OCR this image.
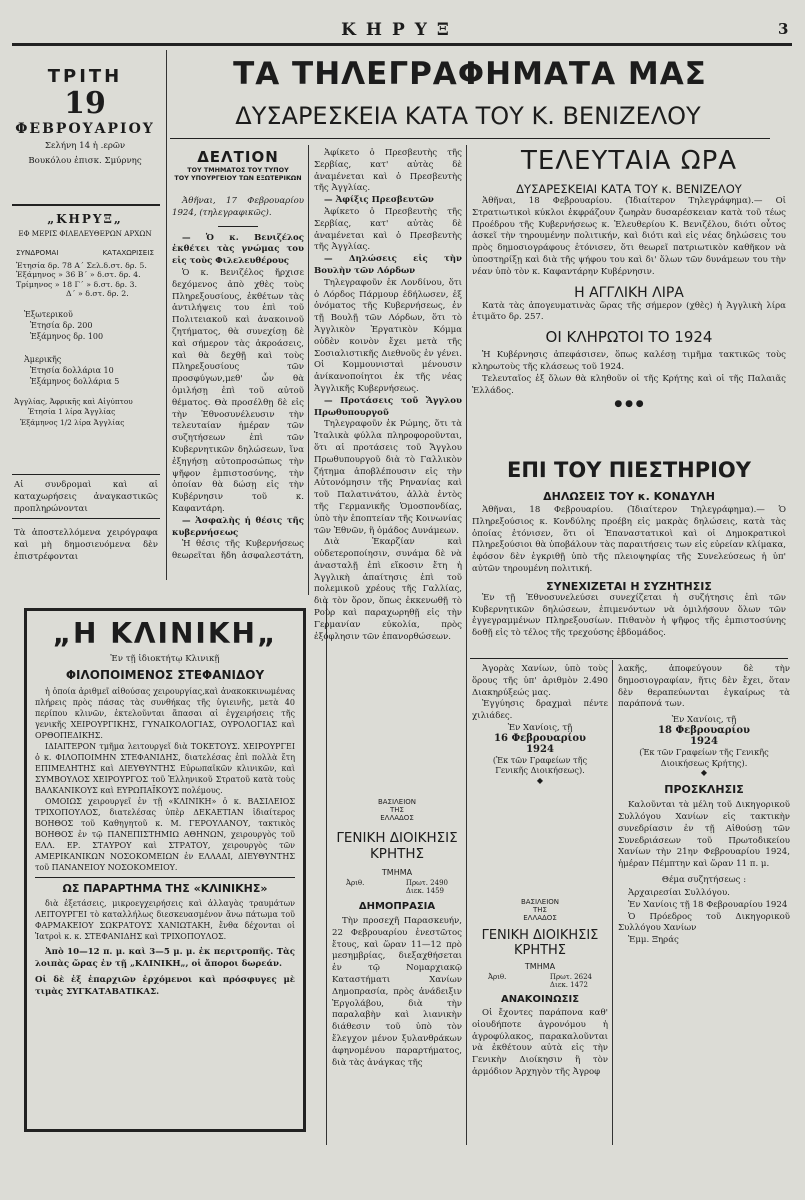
ΚΗΡΥΞ	3
ΤΡΙΤΗ
19
ΦΕΒΡΟΥΑΡΙΟΥ
Σελήνη 14 ἡ .ερῶν
Βουκόλου ἐπισκ. Σμύρνης
„ΚΗΡΥΞ„
ΕΦ ΜΕΡΙΣ ΦΙΛΕΛΕΥΘΕΡΩΝ ΑΡΧΩΝ
ΣΥΝΔΡΟΜΑΙ	ΚΑΤΑΧΩΡΙΣΕΙΣ
Ἐτησία δρ. 78 Α΄ Σελ.δ.στ. δρ. 5.
Ἑξάμηνος » 36 Β΄ » δ.στ. δρ. 4.
Τρίμηνος » 18 Γ΄ » δ.στ. δρ. 3.
Δ΄ » δ.στ. δρ. 2.
Ἐξωτερικοῦ
Ἐτησία δρ. 200
Ἑξάμηνος δρ. 100
Ἀμερικῆς
Ἐτησία δολλάρια 10
Ἑξάμηνος δολλάρια 5
Ἀγγλίας, Ἀφρικῆς καὶ Αἰγύπτου
Ἐτησία 1 λίρα Ἀγγλίας
Ἑξάμηνος 1/2 λίρα Ἀγγλίας

Αἱ συνδρομαὶ καὶ αἱ καταχωρήσεις ἀναγκαστικῶς προπληρώνονται

Τὰ ἀποστελλόμενα χειρόγραφα καὶ μὴ δημοσιευόμενα δὲν ἐπιστρέφονται

ΤΑ ΤΗΛΕΓΡΑΦΗΜΑΤΑ ΜΑΣ
ΔΥΣΑΡΕΣΚΕΙΑ ΚΑΤΑ ΤΟΥ Κ. ΒΕΝΙΖΕΛΟΥ
ΔΕΛΤΙΟΝ
ΤΟΥ ΤΜΗΜΑΤΟΣ ΤΟΥ ΤΥΠΟΥ
ΤΟΥ ΥΠΟΥΡΓΕΙΟΥ ΤΩΝ ΕΞΩΤΕΡΙΚΩΝ

Ἀθῆναι, 17 Φεβρουαρίου 1924, (τηλεγραφικῶς).

— Ὁ κ. Βενιζέλος ἐκθέτει τὰς γνώμας του εἰς τοὺς Φιλελευθέρους

Ὁ κ. Βενιζέλος ἤρχισε δεχόμενος ἀπὸ χθὲς τοὺς Πληρεξουσίους, ἐκθέτων τὰς ἀντιλήψεις του ἐπὶ τοῦ Πολιτειακοῦ καὶ ἀνακοινοῦ ζητήματος, θὰ συνεχίσῃ δὲ καὶ σήμερον τὰς ἀκροάσεις, καὶ θὰ δεχθῇ καὶ τοὺς Πληρεξουσίους τῶν προσφύγων,μεθ' ὧν θὰ ὁμιλήσῃ ἐπὶ τοῦ αὐτοῦ θέματος. Θὰ προσέλθῃ δὲ εἰς τὴν Ἐθνοσυνέλευσιν τὴν τελευταίαν ἡμέραν τῶν συζητήσεων ἐπὶ τῶν Κυβερνητικῶν δηλώσεων, ἵνα ἐξηγήσῃ αὐτοπροσώπως τὴν ψῆφον ἐμπιστοσύνης, τὴν ὁποίαν θὰ δώσῃ εἰς τὴν Κυβέρνησιν τοῦ κ. Καφαντάρη.

— Ἀσφαλὴς ἡ θέσις τῆς κυβερνήσεως

Ἡ θέσις τῆς Κυβερνήσεως θεωρεῖται ἤδη ἀσφαλεστάτη,

Ἀφίκετο ὁ Πρεσβευτὴς τῆς Σερβίας, κατ' αὐτὰς δὲ ἀναμένεται καὶ ὁ Πρεσβευτὴς τῆς Ἀγγλίας.

— Ἀφίξις Πρεσβευτῶν

Ἀφίκετο ὁ Πρεσβευτὴς τῆς Σερβίας, κατ' αὐτὰς δὲ ἀναμένεται καὶ ὁ Πρεσβευτὴς τῆς Ἀγγλίας.

— Δηλώσεις εἰς τὴν Βουλὴν τῶν Λόρδων

Τηλεγραφοῦν ἐκ Λονδίνου, ὅτι ὁ Λόρδος Πάρμουρ ἐδήλωσεν, ἐξ ὀνόματος τῆς Κυβερνήσεως, ἐν τῇ Βουλῇ τῶν Λόρδων, ὅτι τὸ Ἀγγλικὸν Ἐργατικὸν Κόμμα οὐδὲν κοινὸν ἔχει μετὰ τῆς Σοσιαλιστικῆς Διεθνοῦς ἐν γένει. Οἱ Κομμουνισταὶ μένουσιν ἀνίκανοποίητοι ἐκ τῆς νέας Ἀγγλικῆς Κυβερνήσεως.

— Προτάσεις τοῦ Ἄγγλου Πρωθυπουργοῦ

Τηλεγραφοῦν ἐκ Ρώμης, ὅτι τὰ Ἰταλικὰ φύλλα πληροφοροῦνται, ὅτι αἱ προτάσεις τοῦ Ἄγγλου Πρωθυπουργοῦ διὰ τὸ Γαλλικὸν ζήτημα ἀποβλέπουσιν εἰς τὴν Αὐτονόμησιν τῆς Ρηνανίας καὶ τοῦ Παλατινάτου, ἀλλὰ ἐντὸς τῆς Γερμανικῆς Ὁμοσπονδίας, ὑπὸ τὴν ἐποπτείαν τῆς Κοινωνίας τῶν Ἐθνῶν, ἢ ὁμάδος Δυνάμεων.

Διὰ Ἐκαρζίαν καὶ οὐδετεροποίησιν, συνάμα δὲ νὰ ἀνασταλῇ ἐπὶ εἴκοσιν ἔτη ἡ Ἀγγλικὴ ἀπαίτησις ἐπὶ τοῦ πολεμικοῦ χρέους τῆς Γαλλίας, διὰ τὸν ὅρον, ὅπως ἐκκενωθῇ τὸ Ροὺρ καὶ παραχωρηθῇ εἰς τὴν Γερμανίαν εὐκολία, πρὸς ἐξόφλησιν τῶν ἐπανορθώσεων.

„Η ΚΛΙΝΙΚΗ„
Ἐν τῇ ἰδιοκτήτῳ Κλινικῇ
ΦΙΛΟΠΟΙΜΕΝΟΣ ΣΤΕΦΑΝΙΔΟΥ

ἡ ὁποία ἀριθμεῖ αἰθούσας χειρουργίας,καὶ ἀνακοκκινωμένας πλήρεις πρὸς πάσας τὰς συνθήκας τῆς ὑγιεινῆς, μετὰ 40 περίπου κλινῶν, ἐκτελοῦνται ἅπασαι αἱ ἐγχειρήσεις τῆς γενικῆς ΧΕΙΡΟΥΡΓΙΚΗΣ, ΓΥΝΑΙΚΟΛΟΓΙΑΣ, ΟΥΡΟΛΟΓΙΑΣ καὶ ΟΡΘΟΠΕΔΙΚΗΣ.

ΙΔΙΑΙΤΕΡΟΝ τμῆμα λειτουργεῖ διὰ ΤΟΚΕΤΟΥΣ. ΧΕΙΡΟΥΡΓΕΙ ὁ κ. ΦΙΛΟΠΟΙΜΗΝ ΣΤΕΦΑΝΙΔΗΣ, διατελέσας ἐπὶ πολλὰ ἔτη ΕΠΙΜΕΛΗΤΗΣ καὶ ΔΙΕΥΘΥΝΤΗΣ Εὐρωπαϊκῶν κλινικῶν, καὶ ΣΥΜΒΟΥΛΟΣ ΧΕΙΡΟΥΡΓΟΣ τοῦ Ἑλληνικοῦ Στρατοῦ κατὰ τοὺς ΒΑΛΚΑΝΙΚΟΥΣ καὶ ΕΥΡΩΠΑΪΚΟΥΣ πολέμους.

ΟΜΟΙΩΣ χειρουργεῖ ἐν τῇ «ΚΛΙΝΙΚΗ» ὁ κ. ΒΑΣΙΛΕΙΟΣ ΤΡΙΧΟΠΟΥΛΟΣ, διατελέσας ὑπὲρ ΔΕΚΑΕΤΙΑΝ ἰδιαίτερος ΒΟΗΘΟΣ τοῦ Καθηγητοῦ κ. Μ. ΓΕΡΟΥΛΑΝΟΥ, τακτικὸς ΒΟΗΘΟΣ ἐν τῷ ΠΑΝΕΠΙΣΤΗΜΙΩ ΑΘΗΝΩΝ, χειρουργὸς τοῦ ΕΛΛ. ΕΡ. ΣΤΑΥΡΟΥ καὶ ΣΤΡΑΤΟΥ, χειρουργὸς τῶν ΑΜΕΡΙΚΑΝΙΚΩΝ ΝΟΣΟΚΟΜΕΙΩΝ ἐν ΕΛΛΑΔΙ, ΔΙΕΥΘΥΝΤΗΣ τοῦ ΠΑΝΑΝΕΙΟΥ ΝΟΣΟΚΟΜΕΙΟΥ.

ΩΣ ΠΑΡΑΡΤΗΜΑ ΤΗΣ «ΚΛΙΝΙΚΗΣ»

διὰ ἐξετάσεις, μικροεγχειρήσεις καὶ ἀλλαγὰς τραυμάτων ΛΕΙΤΟΥΡΓΕΙ τὸ καταλλήλως διεσκευασμένον ἄνω πάτωμα τοῦ ΦΑΡΜΑΚΕΙΟΥ ΣΩΚΡΑΤΟΥΣ ΧΑΝΙΩΤΑΚΗ, ἔνθα δέχονται οἱ Ἰατροὶ κ. κ. ΣΤΕΦΑΝΙΔΗΣ καὶ ΤΡΙΧΟΠΟΥΛΟΣ.

Ἀπὸ 10—12 π. μ. καὶ 3—5 μ. μ. ἐκ περιτροπῆς. Τὰς λοιπὰς ὥρας ἐν τῇ „ΚΛΙΝΙΚΗ„, οἱ ἄποροι δωρεάν.

Οἱ δὲ ἐξ ἐπαρχιῶν ἐρχόμενοι καὶ πρόσφυγες μὲ τιμὰς ΣΥΓΚΑΤΑΒΑΤΙΚΑΣ.

ΤΕΛΕΥΤΑΙΑ ΩΡΑ
ΔΥΣΑΡΕΣΚΕΙΑΙ ΚΑΤΑ ΤΟΥ κ. ΒΕΝΙΖΕΛΟΥ

Ἀθῆναι, 18 Φεβρουαρίου. (Ἰδιαίτερον Τηλεγράφημα).— Οἱ Στρατιωτικοὶ κύκλοι ἐκφράζουν ζωηρὰν δυσαρέσκειαν κατὰ τοῦ τέως Προέδρου τῆς Κυβερνήσεως κ. Ἐλευθερίου Κ. Βενιζέλου, διότι οὗτος ἀσκεῖ τὴν τηρουμένην πολιτικήν, καὶ διότι καὶ εἰς νέας δηλώσεις του πρὸς δημοσιογράφους ἐτόνισεν, ὅτι θεωρεῖ πατριωτικὸν καθῆκον νὰ ὑποστηρίξῃ καὶ διὰ τῆς ψήφου του καὶ δι' ὅλων τῶν δυνάμεων του τὴν νέαν ὑπὸ τὸν κ. Καφαντάρην Κυβέρνησιν.

Η ΑΓΓΛΙΚΗ ΛΙΡΑ

Κατὰ τὰς ἀπογευματινὰς ὥρας τῆς σήμερον (χθὲς) ἡ Ἀγγλικὴ λίρα ἐτιμᾶτο δρ. 257.

ΟΙ ΚΛΗΡΩΤΟΙ ΤΟ 1924

Ἡ Κυβέρνησις ἀπεφάσισεν, ὅπως καλέσῃ τιμῆμα τακτικῶς τοὺς κληρωτοὺς τῆς κλάσεως τοῦ 1924.

Τελευταῖος ἐξ ὅλων θὰ κληθοῦν οἱ τῆς Κρήτης καὶ οἱ τῆς Παλαιᾶς Ἑλλάδος.

● ● ●
ΕΠΙ ΤΟΥ ΠΙΕΣΤΗΡΙΟΥ
ΔΗΛΩΣΕΙΣ ΤΟΥ κ. ΚΟΝΔΥΛΗ

Ἀθῆναι, 18 Φεβρουαρίου. (Ἰδιαίτερον Τηλεγράφημα).— Ὁ Πληρεξούσιος κ. Κονδύλης προέβη εἰς μακρὰς δηλώσεις, κατὰ τὰς ὁποίας ἐτόνισεν, ὅτι οἱ Ἐπαναστατικοὶ καὶ οἱ Δημοκρατικοὶ Πληρεξούσιοι θὰ ὑποβάλουν τὰς παραιτήσεις των εἰς εὐρείαν κλίμακα, ἐφόσον δὲν ἐγκριθῇ ὑπὸ τῆς πλειοψηφίας τῆς Συνελεύσεως ἡ ὑπ' αὐτῶν τηρουμένη πολιτική.

ΣΥΝΕΧΙΖΕΤΑΙ Η ΣΥΖΗΤΗΣΙΣ

Ἐν τῇ Ἐθνοσυνελεύσει συνεχίζεται ἡ συζήτησις ἐπὶ τῶν Κυβερνητικῶν δηλώσεων, ἐπιμενόντων νὰ ὁμιλήσουν ὅλων τῶν ἐγγεγραμμένων Πληρεξουσίων. Πιθανὸν ἡ ψῆφος τῆς ἐμπιστοσύνης δοθῇ εἰς τὸ τέλος τῆς τρεχούσης ἑβδομάδος.

Ἀγορὰς Χανίων, ὑπὸ τοὺς ὅρους τῆς ὑπ' ἀριθμὸν 2.490 Διακηρύξεώς μας.

Ἐγγύησις δραχμαὶ πέντε χιλιάδες.

Ἐν Χανίοις, τῇ
16 Φεβρουαρίου
1924
(Ἐκ τῶν Γραφείων τῆς Γενικῆς Διοικήσεως).
◆
ΒΑΣΙΛΕΙΟΝ
ΤΗΣ
ΕΛΛΑΔΟΣ
ΓΕΝΙΚΗ ΔΙΟΙΚΗΣΙΣ
ΚΡΗΤΗΣ
ΤΜΗΜΑ
Ἀριθ.	Πρωτ. 2490
Διεκ. 1459
ΔΗΜΟΠΡΑΣΙΑ

Τὴν προσεχῆ Παρασκευήν, 22 Φεβρουαρίου ἐνεστῶτος ἔτους, καὶ ὥραν 11—12 πρὸ μεσημβρίας, διεξαχθήσεται ἐν τῷ Νομαρχιακῷ Καταστήματι Χανίων Δημοπρασία, πρὸς ἀνάδειξιν Ἐργολάβου, διὰ τὴν παραλαβὴν καὶ λιανικὴν διάθεσιν τοῦ ὑπὸ τὸν ἔλεγχον μένον ξυλανθράκων ἀφηνομένου παραρτήματος, διὰ τὰς ἀνάγκας τῆς

ΒΑΣΙΛΕΙΟΝ
ΤΗΣ
ΕΛΛΑΔΟΣ
ΓΕΝΙΚΗ ΔΙΟΙΚΗΣΙΣ
ΚΡΗΤΗΣ
ΤΜΗΜΑ
Ἀριθ.	Πρωτ. 2624
Διεκ. 1472
ΑΝΑΚΟΙΝΩΣΙΣ

Οἱ ἔχοντες παράπονα καθ' οἱουδήποτε ἀγρονόμου ἡ ἀγροφύλακος, παρακαλοῦνται νὰ ἐκθέτουν αὐτὰ εἰς τὴν Γενικὴν Διοίκησιν ἢ τὸν ἁρμόδιον Ἀρχηγὸν τῆς Ἀγροφ

λακῆς, ἀποφεύγουν δὲ τὴν δημοσιογραφίαν, ἥτις δὲν ἔχει, ὅταν δὲν θεραπεύωνται ἐγκαίρως τὰ παράπονά των.

Ἐν Χανίοις, τῇ
18 Φεβρουαρίου
1924
(Ἐκ τῶν Γραφείων τῆς Γενικῆς Διοικήσεως Κρήτης).
◆
ΠΡΟΣΚΛΗΣΙΣ

Καλοῦνται τὰ μέλη τοῦ Δικηγορικοῦ Συλλόγου Χανίων εἰς τακτικὴν συνεδρίασιν ἐν τῇ Αἰθούσῃ τῶν Συνεδριάσεων τοῦ Πρωτοδικείου Χανίων τὴν 21ην Φεβρουαρίου 1924, ἡμέραν Πέμπτην καὶ ὥραν 11 π. μ.

Θέμα συζητήσεως :

Ἀρχαιρεσίαι Συλλόγου.

Ἐν Χανίοις τῇ 18 Φεβρουαρίου 1924

Ὁ Πρόεδρος τοῦ Δικηγορικοῦ Συλλόγου Χανίων

Ἐμμ. Ξηράς
